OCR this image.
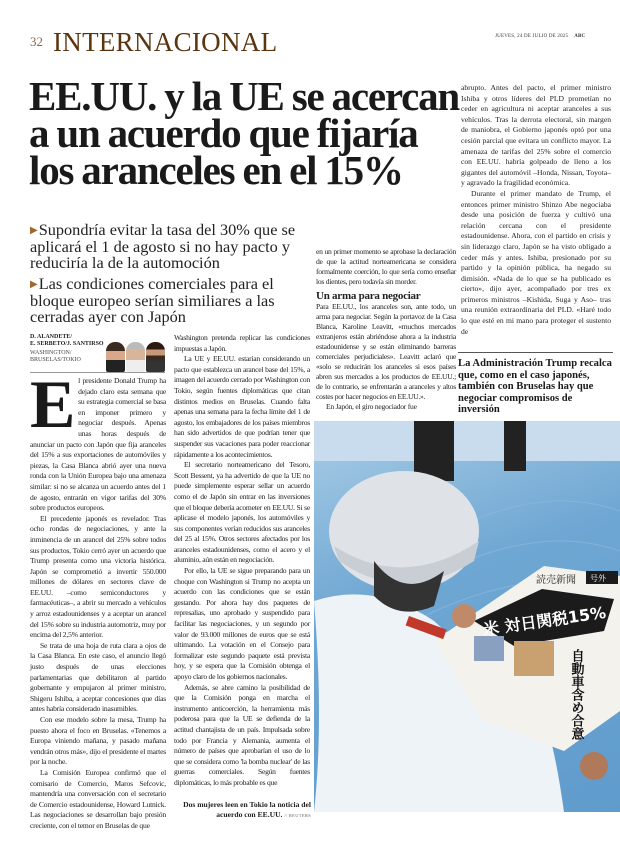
32 INTERNACIONAL	JUEVES, 24 DE JULIO DE 2025 ABC
EE.UU. y la UE se acercan a un acuerdo que fijaría los aranceles en el 15%
▶Supondría evitar la tasa del 30% que se aplicará el 1 de agosto si no hay pacto y reduciría la de la automoción
▶Las condiciones comerciales para el bloque europeo serían similiares a las cerradas ayer con Japón
D. ALANDETE/
E. SERBETO/J. SANTIRSO
WASHINGTON/
BRUSELAS/TOKIO
E l presidente Donald Trump ha dejado claro esta semana que su estrategia comercial se basa en imponer primero y negociar después. Apenas unas horas después de anunciar un pacto con Japón que fija aranceles del 15% a sus exportaciones de automóviles y piezas, la Casa Blanca abrió ayer una nueva ronda con la Unión Europea bajo una amenaza similar: si no se alcanza un acuerdo antes del 1 de agosto, entrarán en vigor tarifas del 30% sobre productos europeos.

El precedente japonés es revelador. Tras ocho rondas de negociaciones, y ante la inminencia de un arancel del 25% sobre todos sus productos, Tokio cerró ayer un acuerdo que Trump presenta como una victoria histórica. Japón se comprometió a invertir 550.000 millones de dólares en sectores clave de EE.UU. –como semiconductores y farmacéuticas–, a abrir su mercado a vehículos y arroz estadounidenses y a aceptar un arancel del 15% sobre su industria automotriz, muy por encima del 2,5% anterior.

Se trata de una hoja de ruta clara a ojos de la Casa Blanca. En este caso, el anuncio llegó justo después de unas elecciones parlamentarias que debilitaron al partido gobernante y empujaron al primer ministro, Shigeru Ishiba, a aceptar concesiones que días antes habría considerado inasumibles.

Con ese modelo sobre la mesa, Trump ha puesto ahora el foco en Bruselas. «Tenemos a Europa viniendo mañana, y pasado mañana vendrán otros más», dijo el presidente el martes por la noche.

La Comisión Europea confirmó que el comisario de Comercio, Maros Sefcovic, mantendría una conversación con el secretario de Comercio estadounidense, Howard Lutnick. Las negociaciones se desarrollan bajo presión creciente, con el temor en Bruselas de que

Washington pretenda replicar las condiciones impuestas a Japón.

La UE y EE.UU. estarían considerando un pacto que establezca un arancel base del 15%, a imagen del acuerdo cerrado por Washington con Tokio, según fuentes diplomáticas que citan distintos medios en Bruselas. Cuando falta apenas una semana para la fecha límite del 1 de agosto, los embajadores de los países miembros han sido advertidos de que podrían tener que suspender sus vacaciones para poder reaccionar rápidamente a los acontecimientos.

El secretario norteamericano del Tesoro, Scott Bessent, ya ha advertido de que la UE no puede simplemente esperar sellar un acuerdo como el de Japón sin entrar en las inversiones que el bloque debería acometer en EE.UU. Si se aplicase el modelo japonés, los automóviles y sus componentes verían reducidos sus aranceles del 25 al 15%. Otros sectores afectados por los aranceles estadounidenses, como el acero y el aluminio, aún están en negociación.

Por ello, la UE se sigue preparando para un choque con Washington si Trump no acepta un acuerdo con las condiciones que se están gestando. Por ahora hay dos paquetes de represalias, uno aprobado y suspendido para facilitar las negociaciones, y un segundo por valor de 93.000 millones de euros que se está ultimando. La votación en el Consejo para formalizar este segundo paquete está prevista hoy, y se espera que la Comisión obtenga el apoyo claro de los gobiernos nacionales.

Además, se abre camino la posibilidad de que la Comisión ponga en marcha el instrumento anticoerción, la herramienta más poderosa para que la UE se defienda de la actitud chantajista de un país. Impulsada sobre todo por Francia y Alemania, aumenta el número de países que aprobarían el uso de lo que se considera como 'la bomba nuclear' de las guerras comerciales. Según fuentes diplomáticas, lo más probable es que

en un primer momento se aprobase la declaración de que la actitud norteamericana se considera formalmente coerción, lo que sería como enseñar los dientes, pero todavía sin morder.

Un arma para negociar

Para EE.UU., los aranceles son, ante todo, un arma para negociar. Según la portavoz de la Casa Blanca, Karoline Leavitt, «muchos mercados extranjeros están abriéndose ahora a la industria estadounidense y se están eliminando barreras comerciales perjudiciales». Leavitt aclaró que «solo se reducirán los aranceles si esos países abren sus mercados a los productos de EE.UU.; de lo contrario, se enfrentarán a aranceles y altos costes por hacer negocios en EE.UU.».

En Japón, el giro negociador fue

abrupto. Antes del pacto, el primer ministro Ishiba y otros líderes del PLD prometían no ceder en agricultura ni aceptar aranceles a sus vehículos. Tras la derrota electoral, sin margen de maniobra, el Gobierno japonés optó por una cesión parcial que evitara un conflicto mayor. La amenaza de tarifas del 25% sobre el comercio con EE.UU. habría golpeado de lleno a los gigantes del automóvil –Honda, Nissan, Toyota– y agravado la fragilidad económica.

Durante el primer mandato de Trump, el entonces primer ministro Shinzo Abe negociaba desde una posición de fuerza y cultivó una relación cercana con el presidente estadounidense. Ahora, con el partido en crisis y sin liderazgo claro, Japón se ha visto obligado a ceder más y antes. Ishiba, presionado por su partido y la opinión pública, ha negado su dimisión. «Nada de lo que se ha publicado es cierto», dijo ayer, acompañado por tres ex primeros ministros –Kishida, Suga y Aso– tras una reunión extraordinaria del PLD. «Haré todo lo que esté en mi mano para proteger el sustento de

La Administración Trump recalca que, como en el caso japonés, también con Bruselas hay que negociar compromisos de inversión
読売新聞 号外
米 対日関税15%
自動車含め合意
Dos mujeres leen en Tokio la noticia del acuerdo con EE.UU. // REUTERS
